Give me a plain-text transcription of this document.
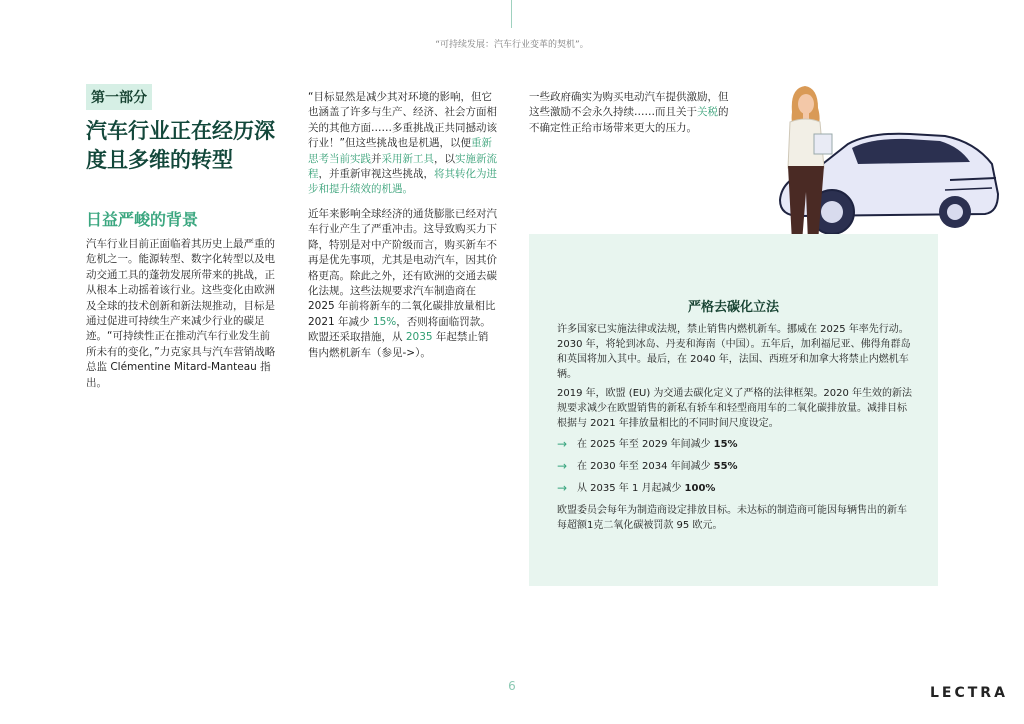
“可持续发展：汽车行业变革的契机”。
第一部分
汽车行业正在经历深度且多维的转型
日益严峻的背景

汽车行业目前正面临着其历史上最严重的危机之一。能源转型、数字化转型以及电动交通工具的蓬勃发展所带来的挑战，正从根本上动摇着该行业。这些变化由欧洲及全球的技术创新和新法规推动，目标是通过促进可持续生产来减少行业的碳足迹。“可持续性正在推动汽车行业发生前所未有的变化，”力克家具与汽车营销战略总监 Clémentine Mitard-Manteau 指出。

“目标显然是减少其对环境的影响，但它也涵盖了许多与生产、经济、社会方面相关的其他方面……多重挑战正共同撼动该行业！”但这些挑战也是机遇，以便重新思考当前实践并采用新工具，以实施新流程，并重新审视这些挑战，将其转化为进步和提升绩效的机遇。

近年来影响全球经济的通货膨胀已经对汽车行业产生了严重冲击。这导致购买力下降，特别是对中产阶级而言，购买新车不再是优先事项，尤其是电动汽车，因其价格更高。除此之外，还有欧洲的交通去碳化法规。这些法规要求汽车制造商在 2025 年前将新车的二氧化碳排放量相比 2021 年减少 15%，否则将面临罚款。欧盟还采取措施，从 2035 年起禁止销售内燃机新车（参见->）。

一些政府确实为购买电动汽车提供激励，但这些激励不会永久持续……而且关于关税的不确定性正给市场带来更大的压力。

严格去碳化立法

许多国家已实施法律或法规，禁止销售内燃机新车。挪威在 2025 年率先行动。2030 年，将轮到冰岛、丹麦和海南（中国）。五年后，加利福尼亚、佛得角群岛和英国将加入其中。最后，在 2040 年，法国、西班牙和加拿大将禁止内燃机车辆。

2019 年，欧盟 (EU) 为交通去碳化定义了严格的法律框架。2020 年生效的新法规要求减少在欧盟销售的新私有轿车和轻型商用车的二氧化碳排放量。减排目标根据与 2021 年排放量相比的不同时间尺度设定。

→ 在 2025 年至 2029 年间减少 15%
→ 在 2030 年至 2034 年间减少 55%
→ 从 2035 年 1 月起减少 100%

欧盟委员会每年为制造商设定排放目标。未达标的制造商可能因每辆售出的新车每超额1克二氧化碳被罚款 95 欧元。

6	LECTRA
